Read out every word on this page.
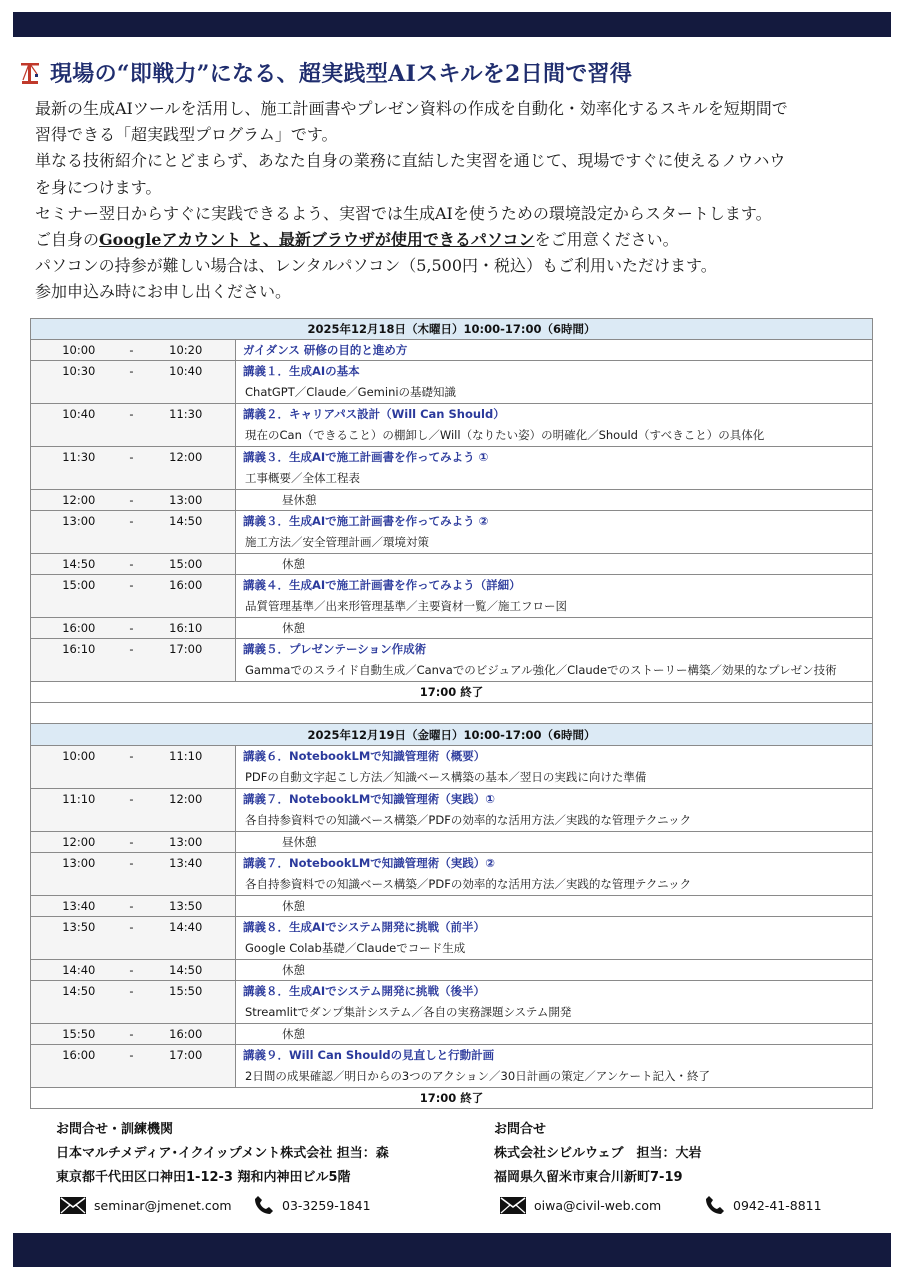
現場の“即戦力”になる、超実践型AIスキルを2日間で習得
最新の生成AIツールを活用し、施工計画書やプレゼン資料の作成を自動化・効率化するスキルを短期間で
習得できる「超実践型プログラム」です。
単なる技術紹介にとどまらず、あなた自身の業務に直結した実習を通じて、現場ですぐに使えるノウハウ
を身につけます。
セミナー翌日からすぐに実践できるよう、実習では生成AIを使うための環境設定からスタートします。
ご自身のGoogleアカウント と、最新ブラウザが使用できるパソコンをご用意ください。
パソコンの持参が難しい場合は、レンタルパソコン（5,500円・税込）もご利用いただけます。
参加申込み時にお申し出ください。
2025年12月18日（木曜日）10:00-17:00（6時間）
10:00	-	10:20	ガイダンス 研修の目的と進め方
10:30	-	10:40	講義１．生成AIの基本
ChatGPT／Claude／Geminiの基礎知識
10:40	-	11:30	講義２．キャリアパス設計（Will Can Should）
現在のCan（できること）の棚卸し／Will（なりたい姿）の明確化／Should（すべきこと）の具体化
11:30	-	12:00	講義３．生成AIで施工計画書を作ってみよう ①
工事概要／全体工程表
12:00	-	13:00	昼休憩
13:00	-	14:50	講義３．生成AIで施工計画書を作ってみよう ②
施工方法／安全管理計画／環境対策
14:50	-	15:00	休憩
15:00	-	16:00	講義４．生成AIで施工計画書を作ってみよう（詳細）
品質管理基準／出来形管理基準／主要資材一覧／施工フロー図
16:00	-	16:10	休憩
16:10	-	17:00	講義５．プレゼンテーション作成術
Gammaでのスライド自動生成／Canvaでのビジュアル強化／Claudeでのストーリー構築／効果的なプレゼン技術
17:00 終了
2025年12月19日（金曜日）10:00-17:00（6時間）
10:00	-	11:10	講義６．NotebookLMで知識管理術（概要）
PDFの自動文字起こし方法／知識ベース構築の基本／翌日の実践に向けた準備
11:10	-	12:00	講義７．NotebookLMで知識管理術（実践）①
各自持参資料での知識ベース構築／PDFの効率的な活用方法／実践的な管理テクニック
12:00	-	13:00	昼休憩
13:00	-	13:40	講義７．NotebookLMで知識管理術（実践）②
各自持参資料での知識ベース構築／PDFの効率的な活用方法／実践的な管理テクニック
13:40	-	13:50	休憩
13:50	-	14:40	講義８．生成AIでシステム開発に挑戦（前半）
Google Colab基礎／Claudeでコード生成
14:40	-	14:50	休憩
14:50	-	15:50	講義８．生成AIでシステム開発に挑戦（後半）
Streamlitでダンプ集計システム／各自の実務課題システム開発
15:50	-	16:00	休憩
16:00	-	17:00	講義９．Will Can Shouldの見直しと行動計画
2日間の成果確認／明日からの3つのアクション／30日計画の策定／アンケート記入・終了
17:00 終了
お問合せ・訓練機関
日本マルチメディア･イクイップメント株式会社 担当：森
東京都千代田区口神田1-12-3 翔和内神田ビル5階
お問合せ
株式会社シビルウェブ　担当：大岩
福岡県久留米市東合川新町7-19
seminar@jmenet.com	03-3259-1841	oiwa@civil-web.com	0942-41-8811
